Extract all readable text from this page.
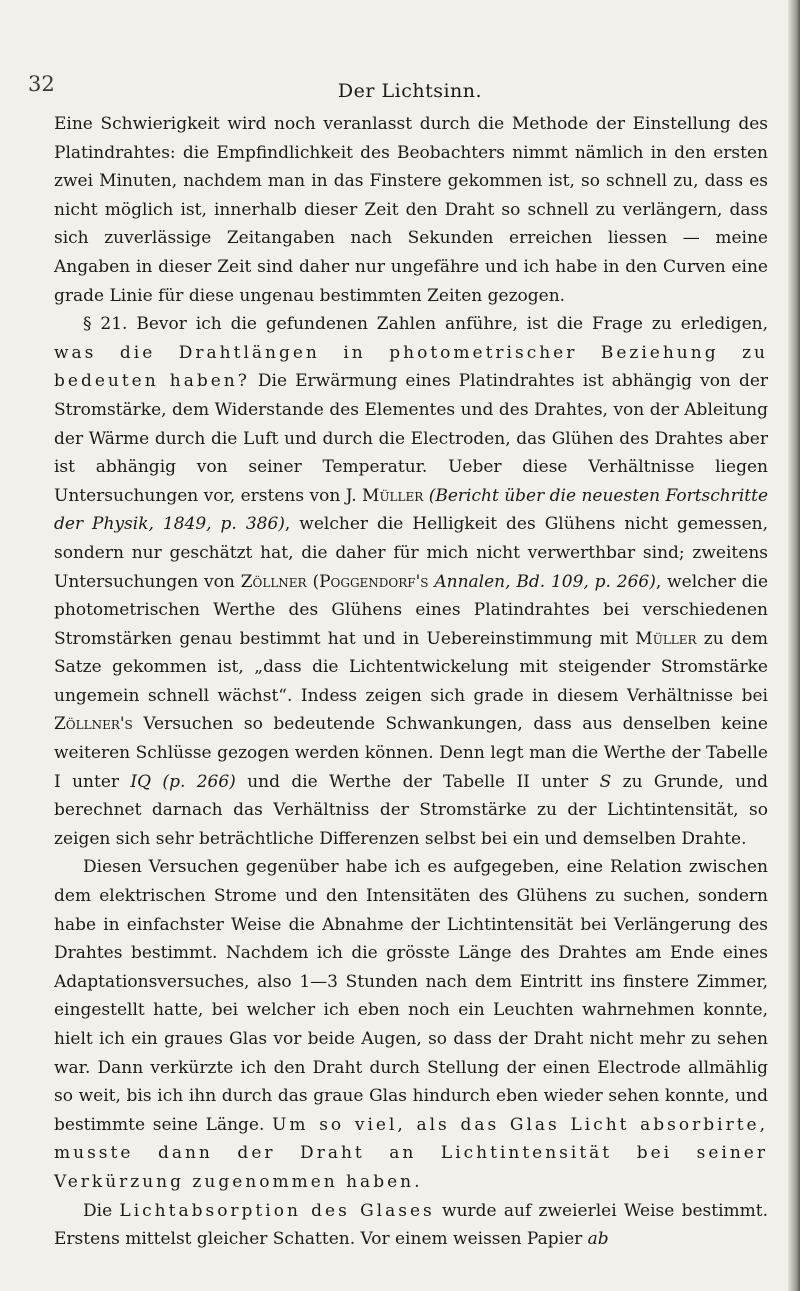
32	Der Lichtsinn.

Eine Schwierigkeit wird noch veranlasst durch die Methode der Einstellung des Platindrahtes: die Empfindlichkeit des Beobachters nimmt nämlich in den ersten zwei Minuten, nachdem man in das Finstere gekommen ist, so schnell zu, dass es nicht möglich ist, innerhalb dieser Zeit den Draht so schnell zu verlängern, dass sich zuverlässige Zeitangaben nach Sekunden erreichen liessen — meine Angaben in dieser Zeit sind daher nur ungefähre und ich habe in den Curven eine grade Linie für diese ungenau bestimmten Zeiten gezogen.

§ 21. Bevor ich die gefundenen Zahlen anführe, ist die Frage zu erledigen, was die Drahtlängen in photometrischer Beziehung zu bedeuten haben? Die Erwärmung eines Platindrahtes ist abhängig von der Stromstärke, dem Widerstande des Elementes und des Drahtes, von der Ableitung der Wärme durch die Luft und durch die Electroden, das Glühen des Drahtes aber ist abhängig von seiner Temperatur. Ueber diese Verhältnisse liegen Untersuchungen vor, erstens von J. Müller (Bericht über die neuesten Fortschritte der Physik, 1849, p. 386), welcher die Helligkeit des Glühens nicht gemessen, sondern nur geschätzt hat, die daher für mich nicht verwerthbar sind; zweitens Untersuchungen von Zöllner (Poggendorf's Annalen, Bd. 109, p. 266), welcher die photometrischen Werthe des Glühens eines Platindrahtes bei verschiedenen Stromstärken genau bestimmt hat und in Uebereinstimmung mit Müller zu dem Satze gekommen ist, „dass die Lichtentwickelung mit steigender Stromstärke ungemein schnell wächst“. Indess zeigen sich grade in diesem Verhältnisse bei Zöllner's Versuchen so bedeutende Schwankungen, dass aus denselben keine weiteren Schlüsse gezogen werden können. Denn legt man die Werthe der Tabelle I unter IQ (p. 266) und die Werthe der Tabelle II unter S zu Grunde, und berechnet darnach das Verhältniss der Stromstärke zu der Lichtintensität, so zeigen sich sehr beträchtliche Differenzen selbst bei ein und demselben Drahte.

Diesen Versuchen gegenüber habe ich es aufgegeben, eine Relation zwischen dem elektrischen Strome und den Intensitäten des Glühens zu suchen, sondern habe in einfachster Weise die Abnahme der Lichtintensität bei Verlängerung des Drahtes bestimmt. Nachdem ich die grösste Länge des Drahtes am Ende eines Adaptationsversuches, also 1—3 Stunden nach dem Eintritt ins finstere Zimmer, eingestellt hatte, bei welcher ich eben noch ein Leuchten wahrnehmen konnte, hielt ich ein graues Glas vor beide Augen, so dass der Draht nicht mehr zu sehen war. Dann verkürzte ich den Draht durch Stellung der einen Electrode allmählig so weit, bis ich ihn durch das graue Glas hindurch eben wieder sehen konnte, und bestimmte seine Länge. Um so viel, als das Glas Licht absorbirte, musste dann der Draht an Lichtintensität bei seiner Verkürzung zugenommen haben.

Die Lichtabsorption des Glases wurde auf zweierlei Weise bestimmt. Erstens mittelst gleicher Schatten. Vor einem weissen Papier ab
